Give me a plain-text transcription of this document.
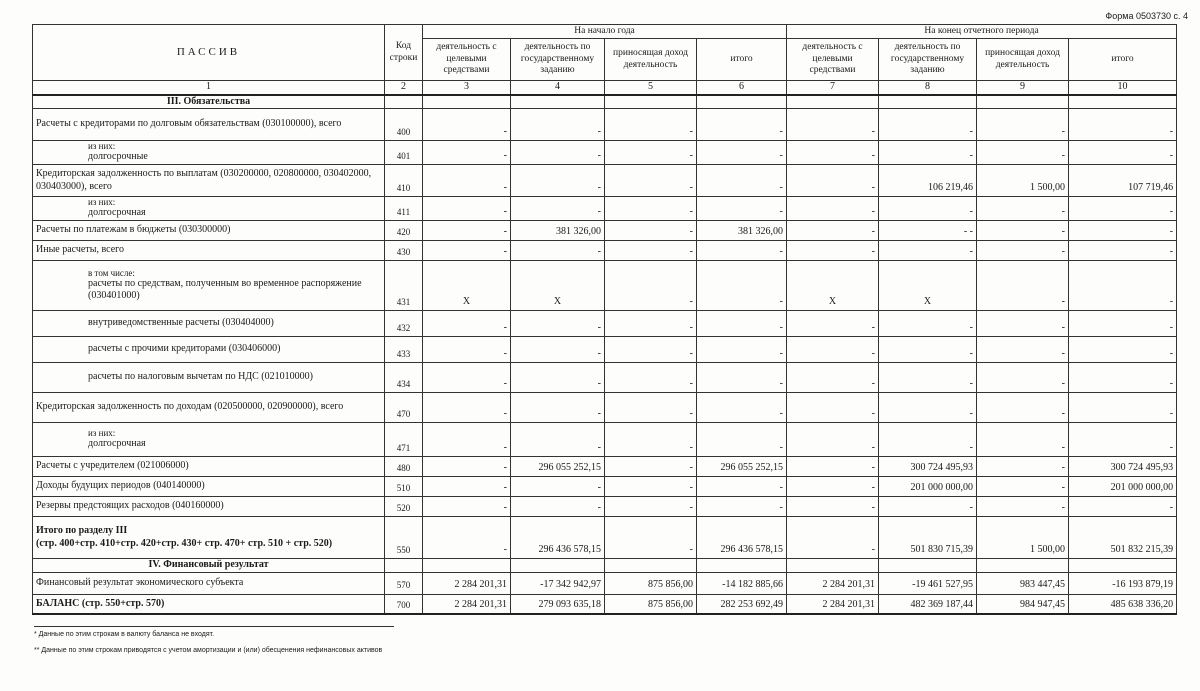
Форма 0503730 с. 4
ПАССИВ	Код строки	На начало года				На конец отчетного периода			
		деятельность с целевыми средствами	деятельность по государственному заданию	приносящая доход деятельность	итого	деятельность с целевыми средствами	деятельность по государственному заданию	приносящая доход деятельность	итого
1	2	3	4	5	6	7	8	9	10
III. Обязательства									
Расчеты с кредиторами по долговым обязательствам (030100000), всего	400	-	-	-	-	-	-	-	-

из них:
долгосрочные	401	-	-	-	-	-	-	-	-
Кредиторская задолженность по выплатам (030200000, 020800000, 030402000, 030403000), всего	410	-	-	-	-	-	106 219,46	1 500,00	107 719,46

из них:
долгосрочная	411	-	-	-	-	-	-	-	-
Расчеты по платежам в бюджеты (030300000)	420	-	381 326,00	-	381 326,00	-	- -	-	-
Иные расчеты, всего	430	-	-	-	-	-	-	-	-

в том числе:
расчеты по средствам, полученным во временное распоряжение (030401000)	431	X	X	-	-	X	X	-	-

внутриведомственные расчеты (030404000)	432	-	-	-	-	-	-	-	-

расчеты с прочими кредиторами (030406000)	433	-	-	-	-	-	-	-	-

расчеты по налоговым вычетам по НДС (021010000)	434	-	-	-	-	-	-	-	-
Кредиторская задолженность по доходам (020500000, 020900000), всего	470	-	-	-	-	-	-	-	-

из них:
долгосрочная	471	-	-	-	-	-	-	-	-
Расчеты с учредителем (021006000)	480	-	296 055 252,15	-	296 055 252,15	-	300 724 495,93	-	300 724 495,93
Доходы будущих периодов (040140000)	510	-	-	-	-	-	201 000 000,00	-	201 000 000,00
Резервы предстоящих расходов (040160000)	520	-	-	-	-	-	-	-	-
Итого по разделу III
(стр. 400+стр. 410+стр. 420+стр. 430+ стр. 470+ стр. 510 + стр. 520)	550	-	296 436 578,15	-	296 436 578,15	-	501 830 715,39	1 500,00	501 832 215,39
IV. Финансовый результат									
Финансовый результат экономического субъекта	570	2 284 201,31	-17 342 942,97	875 856,00	-14 182 885,66	2 284 201,31	-19 461 527,95	983 447,45	-16 193 879,19
БАЛАНС (стр. 550+стр. 570)	700	2 284 201,31	279 093 635,18	875 856,00	282 253 692,49	2 284 201,31	482 369 187,44	984 947,45	485 638 336,20
* Данные по этим строкам в валюту баланса не входят.
** Данные по этим строкам приводятся с учетом амортизации и (или) обесценения нефинансовых активов
